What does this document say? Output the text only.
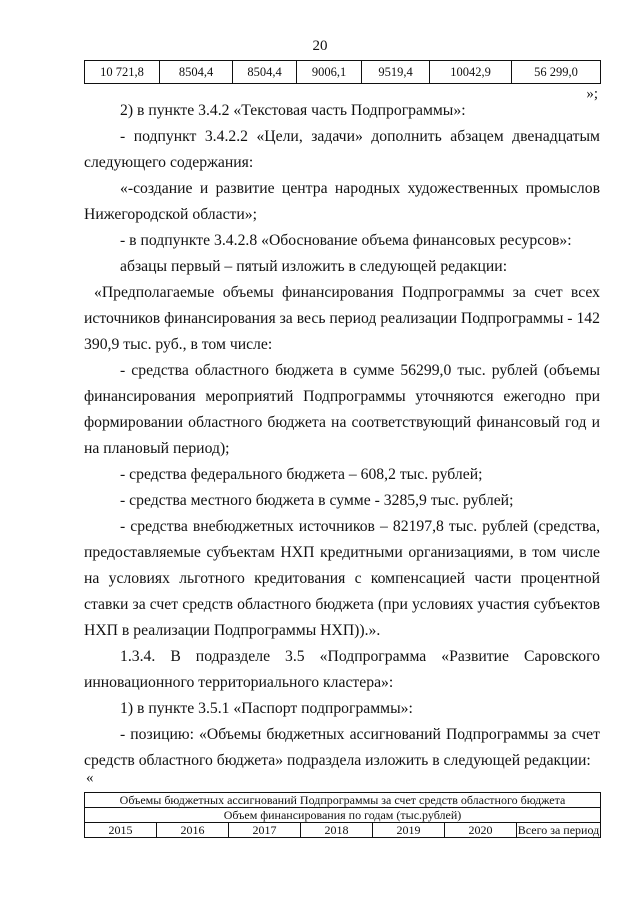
20
10 721,8	8504,4	8504,4	9006,1	9519,4	10042,9	56 299,0
»;

2) в пункте 3.4.2 «Текстовая часть Подпрограммы»:

- подпункт 3.4.2.2 «Цели, задачи» дополнить абзацем двенадцатым следующего содержания:

«-создание и развитие центра народных художественных промыслов Нижегородской области»;

- в подпункте 3.4.2.8 «Обоснование объема финансовых ресурсов»:

абзацы первый – пятый изложить в следующей редакции:

«Предполагаемые объемы финансирования Подпрограммы за счет всех источников финансирования за весь период реализации Подпрограммы - 142 390,9 тыс. руб., в том числе:

- средства областного бюджета в сумме 56299,0 тыс. рублей (объемы финансирования мероприятий Подпрограммы уточняются ежегодно при формировании областного бюджета на соответствующий финансовый год и на плановый период);

- средства федерального бюджета – 608,2 тыс. рублей;

- средства местного бюджета в сумме - 3285,9 тыс. рублей;

- средства внебюджетных источников – 82197,8 тыс. рублей (средства, предоставляемые субъектам НХП кредитными организациями, в том числе на условиях льготного кредитования с компенсацией части процентной ставки за счет средств областного бюджета (при условиях участия субъектов НХП в реализации Подпрограммы НХП)).».

1.3.4. В подразделе 3.5 «Подпрограмма «Развитие Саровского инновационного территориального кластера»:

1) в пункте 3.5.1 «Паспорт подпрограммы»:

- позицию: «Объемы бюджетных ассигнований Подпрограммы за счет средств областного бюджета» подраздела изложить в следующей редакции:

«
Объемы бюджетных ассигнований Подпрограммы за счет средств областного бюджета
Объем финансирования по годам (тыс.рублей)
2015	2016	2017	2018	2019	2020	Всего за период
